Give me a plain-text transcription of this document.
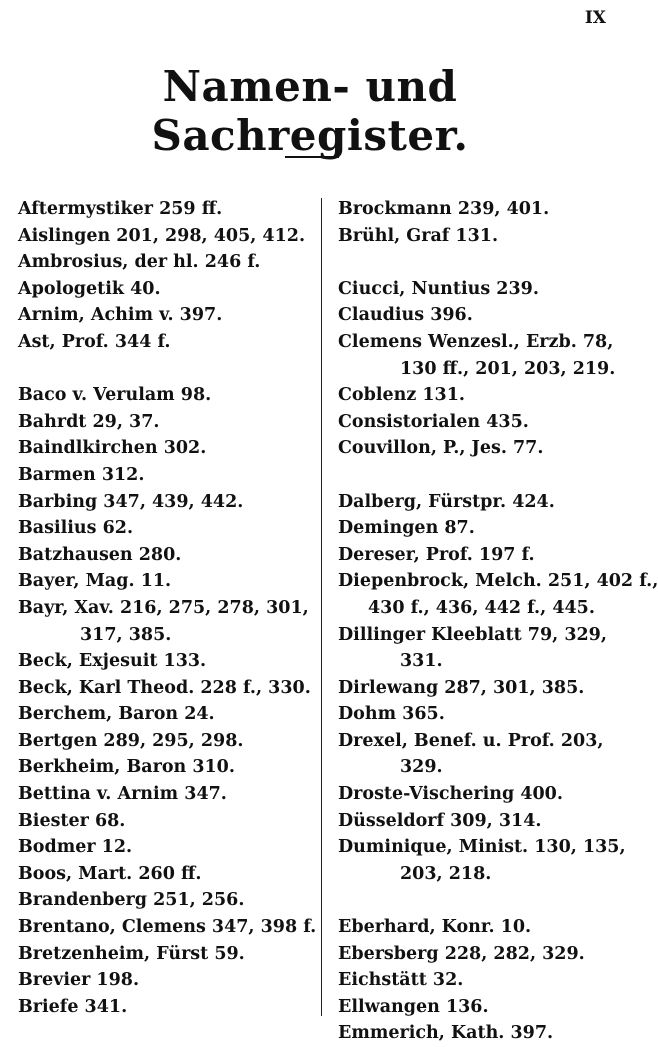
IX
Namen- und Sachregister.
Aftermystiker 259 ff.
Aislingen 201, 298, 405, 412.
Ambrosius, der hl. 246 f.
Apologetik 40.
Arnim, Achim v. 397.
Ast, Prof. 344 f.
Baco v. Verulam 98.
Bahrdt 29, 37.
Baindlkirchen 302.
Barmen 312.
Barbing 347, 439, 442.
Basilius 62.
Batzhausen 280.
Bayer, Mag. 11.
Bayr, Xav. 216, 275, 278, 301,
317, 385.
Beck, Exjesuit 133.
Beck, Karl Theod. 228 f., 330.
Berchem, Baron 24.
Bertgen 289, 295, 298.
Berkheim, Baron 310.
Bettina v. Arnim 347.
Biester 68.
Bodmer 12.
Boos, Mart. 260 ff.
Brandenberg 251, 256.
Brentano, Clemens 347, 398 f.
Bretzenheim, Fürst 59.
Brevier 198.
Briefe 341.
Brockmann 239, 401.
Brühl, Graf 131.
Ciucci, Nuntius 239.
Claudius 396.
Clemens Wenzesl., Erzb. 78,
130 ff., 201, 203, 219.
Coblenz 131.
Consistorialen 435.
Couvillon, P., Jes. 77.
Dalberg, Fürstpr. 424.
Demingen 87.
Dereser, Prof. 197 f.
Diepenbrock, Melch. 251, 402 f.,
430 f., 436, 442 f., 445.
Dillinger Kleeblatt 79, 329,
331.
Dirlewang 287, 301, 385.
Dohm 365.
Drexel, Benef. u. Prof. 203,
329.
Droste-Vischering 400.
Düsseldorf 309, 314.
Duminique, Minist. 130, 135,
203, 218.
Eberhard, Konr. 10.
Ebersberg 228, 282, 329.
Eichstätt 32.
Ellwangen 136.
Emmerich, Kath. 397.
